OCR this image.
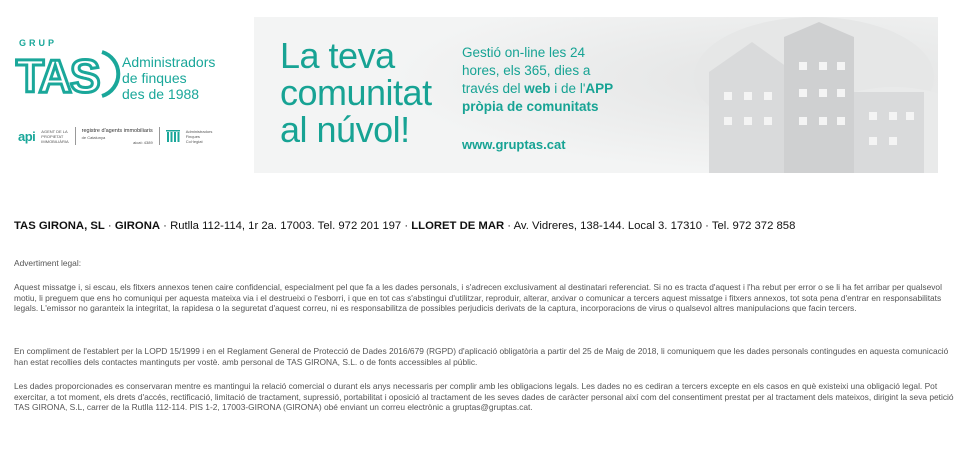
GRUP
TAS Administradors
de finques
des de 1988
api AGENT DE LA
PROPIETAT
IMMOBILIÀRIA
registre d'agents immobiliaris
de Catalunya
aicat: 4389
Administradors
Finques
Col·legiat
La teva
comunitat
al núvol!
Gestió on-line les 24
hores, els 365, dies a
través del web i de l'APP
pròpia de comunitats
www.gruptas.cat
TAS GIRONA, SL · GIRONA · Rutlla 112-114, 1r 2a. 17003. Tel. 972 201 197 · LLORET DE MAR · Av. Vidreres, 138-144. Local 3. 17310 · Tel. 972 372 858
Advertiment legal:
Aquest missatge i, si escau, els fitxers annexos tenen caire confidencial, especialment pel que fa a les dades personals, i s'adrecen exclusivament al destinatari referenciat. Si no es tracta d'aquest i l'ha rebut per error o se li ha fet arribar per qualsevol motiu, li preguem que ens ho comuniqui per aquesta mateixa via i el destrueixi o l'esborri, i que en tot cas s'abstingui d'utilitzar, reproduir, alterar, arxivar o comunicar a tercers aquest missatge i fitxers annexos, tot sota pena d'entrar en responsabilitats legals. L'emissor no garanteix la integritat, la rapidesa o la seguretat d'aquest correu, ni es responsabilitza de possibles perjudicis derivats de la captura, incorporacions de virus o qualsevol altres manipulacions que facin tercers.
En compliment de l'establert per la LOPD 15/1999 i en el Reglament General de Protecció de Dades 2016/679 (RGPD) d'aplicació obligatòria a partir del 25 de Maig de 2018, li comuniquem que les dades personals contingudes en aquesta comunicació han estat recollies dels contactes mantinguts per vostè. amb personal de TAS GIRONA, S.L. o de fonts accessibles al públic.
Les dades proporcionades es conservaran mentre es mantingui la relació comercial o durant els anys necessaris per complir amb les obligacions legals. Les dades no es cediran a tercers excepte en els casos en què existeixi una obligació legal. Pot exercitar, a tot moment, els drets d'accés, rectificació, limitació de tractament, supressió, portabilitat i oposició al tractament de les seves dades de caràcter personal així com del consentiment prestat per al tractament dels mateixos, dirigint la seva petició TAS GIRONA, S.L, carrer de la Rutlla 112-114. PIS 1-2, 17003-GIRONA (GIRONA) obé enviant un correu electrònic a gruptas@gruptas.cat.
